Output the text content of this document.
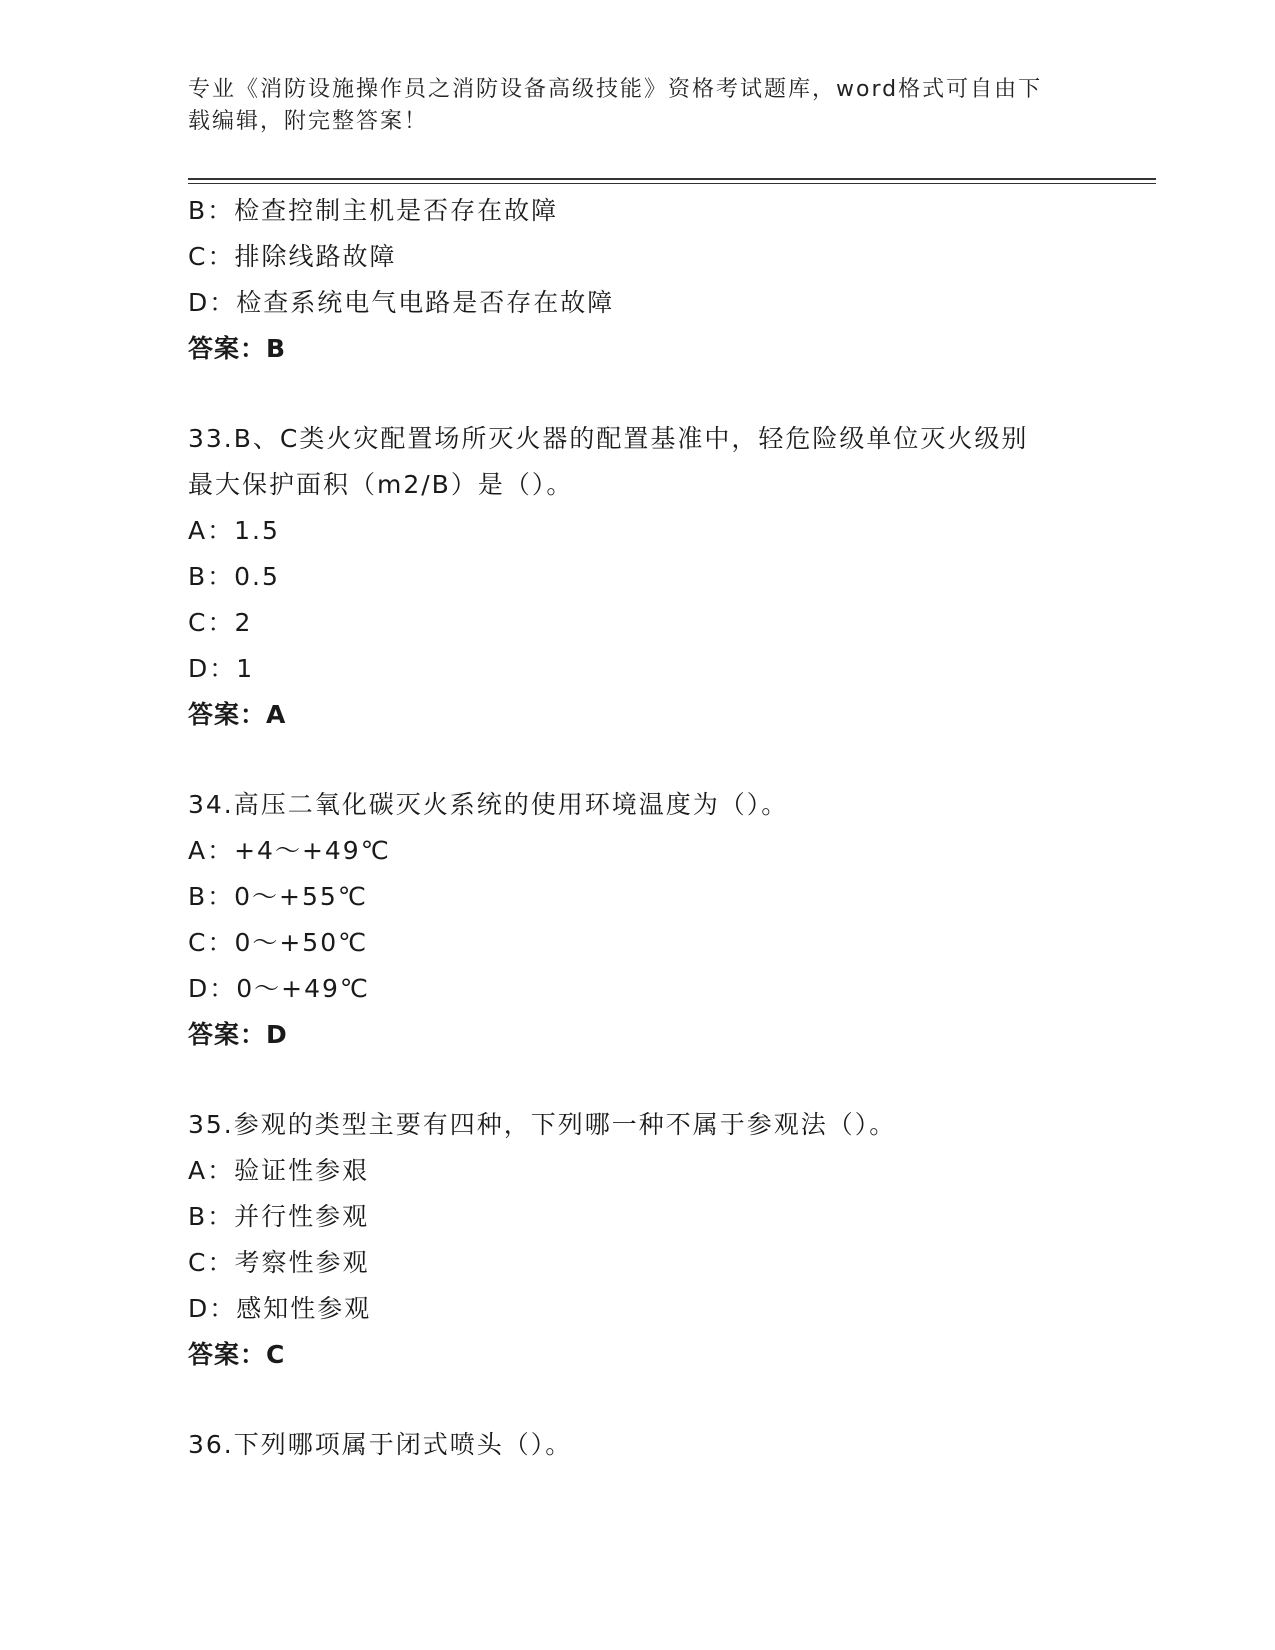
专业《消防设施操作员之消防设备高级技能》资格考试题库，word格式可自由下
载编辑，附完整答案！
B：检查控制主机是否存在故障
C：排除线路故障
D：检查系统电气电路是否存在故障
答案：B
33.B、C类火灾配置场所灭火器的配置基准中，轻危险级单位灭火级别
最大保护面积（m2/B）是（）。
A：1.5
B：0.5
C：2
D：1
答案：A
34.高压二氧化碳灭火系统的使用环境温度为（）。
A：+4～+49℃
B：0～+55℃
C：0～+50℃
D：0～+49℃
答案：D
35.参观的类型主要有四种，下列哪一种不属于参观法（）。
A：验证性参艰
B：并行性参观
C：考察性参观
D：感知性参观
答案：C
36.下列哪项属于闭式喷头（）。
